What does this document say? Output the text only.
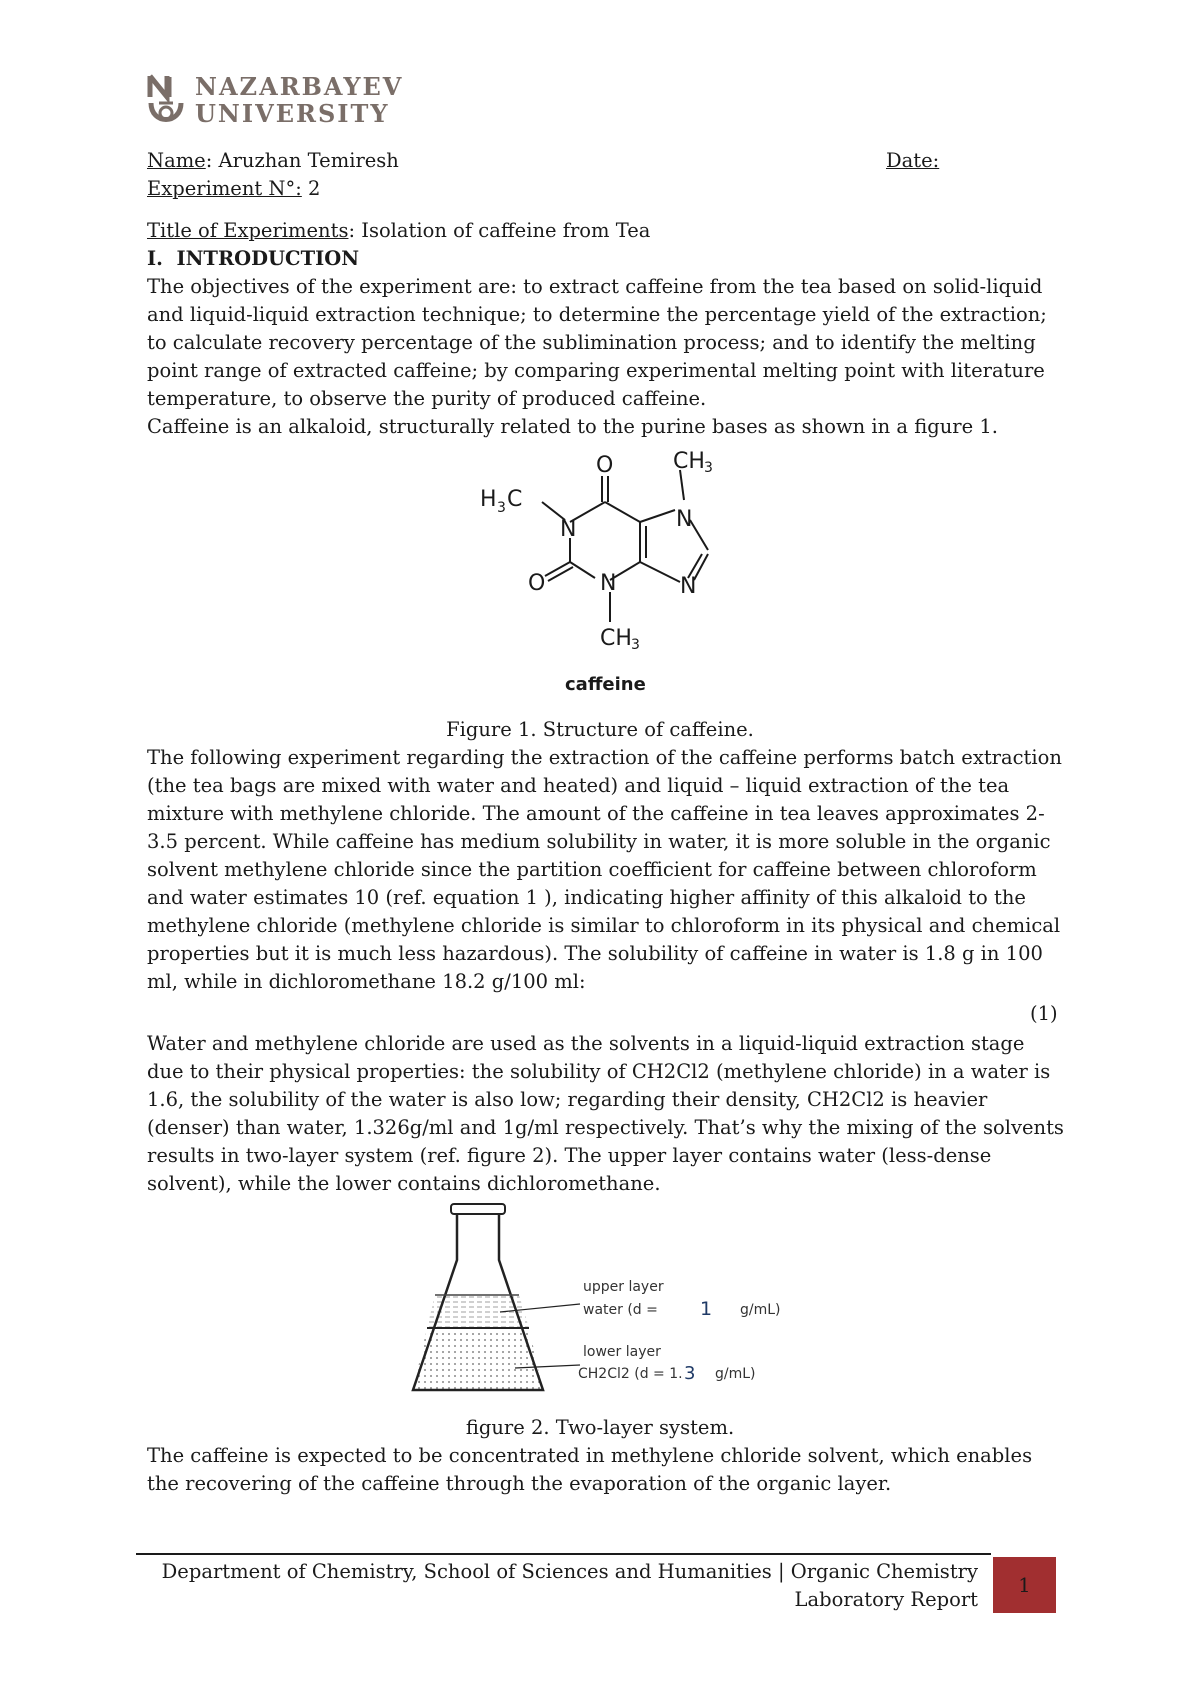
NAZARBAYEV
UNIVERSITY
Name: Aruzhan Temiresh	Date:
Experiment N°: 2
Title of Experiments: Isolation of caffeine from Tea
I.  INTRODUCTION

The objectives of the experiment are: to extract caffeine from the tea based on solid-liquid and liquid-liquid extraction technique; to determine the percentage yield of the extraction; to calculate recovery percentage of the sublimination process; and to identify the melting point range of extracted caffeine; by comparing experimental melting point with literature temperature, to observe the purity of produced caffeine.

Caffeine is an alkaloid, structurally related to the purine bases as shown in a figure 1.

O	CH 3
H 3 C
N	N
O N	N
CH 3
caffeine
Figure 1. Structure of caffeine.

The following experiment regarding the extraction of the caffeine performs batch extraction (the tea bags are mixed with water and heated) and liquid – liquid extraction of the tea mixture with methylene chloride. The amount of the caffeine in tea leaves approximates 2-3.5 percent. While caffeine has medium solubility in water, it is more soluble in the organic solvent methylene chloride since the partition coefficient for caffeine between chloroform and water estimates 10 (ref. equation 1 ), indicating higher affinity of this alkaloid to the methylene chloride (methylene chloride is similar to chloroform in its physical and chemical properties but it is much less hazardous). The solubility of caffeine in water is 1.8 g in 100 ml, while in dichloromethane 18.2 g/100 ml:

(1)

Water and methylene chloride are used as the solvents in a liquid-liquid extraction stage due to their physical properties: the solubility of CH2Cl2 (methylene chloride) in a water is 1.6, the solubility of the water is also low; regarding their density, CH2Cl2 is heavier (denser) than water, 1.326g/ml and 1g/ml respectively. That’s why the mixing of the solvents results in two-layer system (ref. figure 2). The upper layer contains water (less-dense solvent), while the lower contains dichloromethane.

upper layer
water (d = 1 g/mL)
lower layer
CH2Cl2 (d = 1. 3 g/mL)
figure 2. Two-layer system.

The caffeine is expected to be concentrated in methylene chloride solvent, which enables the recovering of the caffeine through the evaporation of the organic layer.

Department of Chemistry, School of Sciences and Humanities | Organic Chemistry
Laboratory Report
1
